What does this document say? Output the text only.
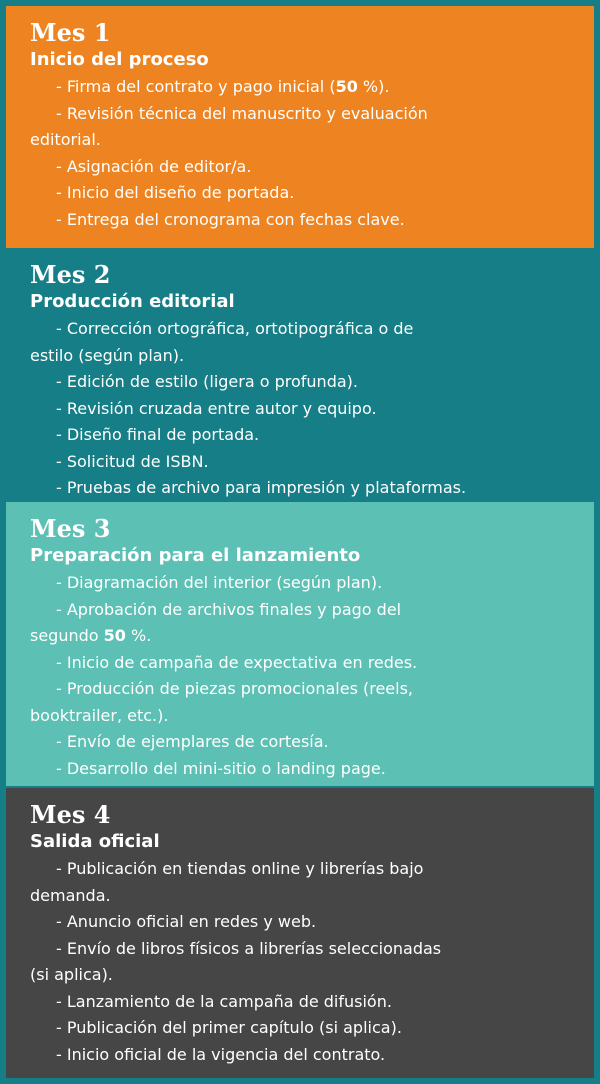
Mes 1
Inicio del proceso
- Firma del contrato y pago inicial (50 %).
- Revisión técnica del manuscrito y evaluación
editorial.
- Asignación de editor/a.
- Inicio del diseño de portada.
- Entrega del cronograma con fechas clave.
Mes 2
Producción editorial
- Corrección ortográfica, ortotipográfica o de
estilo (según plan).
- Edición de estilo (ligera o profunda).
- Revisión cruzada entre autor y equipo.
- Diseño final de portada.
- Solicitud de ISBN.
- Pruebas de archivo para impresión y plataformas.
Mes 3
Preparación para el lanzamiento
- Diagramación del interior (según plan).
- Aprobación de archivos finales y pago del
segundo 50 %.
- Inicio de campaña de expectativa en redes.
- Producción de piezas promocionales (reels,
booktrailer, etc.).
- Envío de ejemplares de cortesía.
- Desarrollo del mini-sitio o landing page.
Mes 4
Salida oficial
- Publicación en tiendas online y librerías bajo
demanda.
- Anuncio oficial en redes y web.
- Envío de libros físicos a librerías seleccionadas
(si aplica).
- Lanzamiento de la campaña de difusión.
- Publicación del primer capítulo (si aplica).
- Inicio oficial de la vigencia del contrato.
